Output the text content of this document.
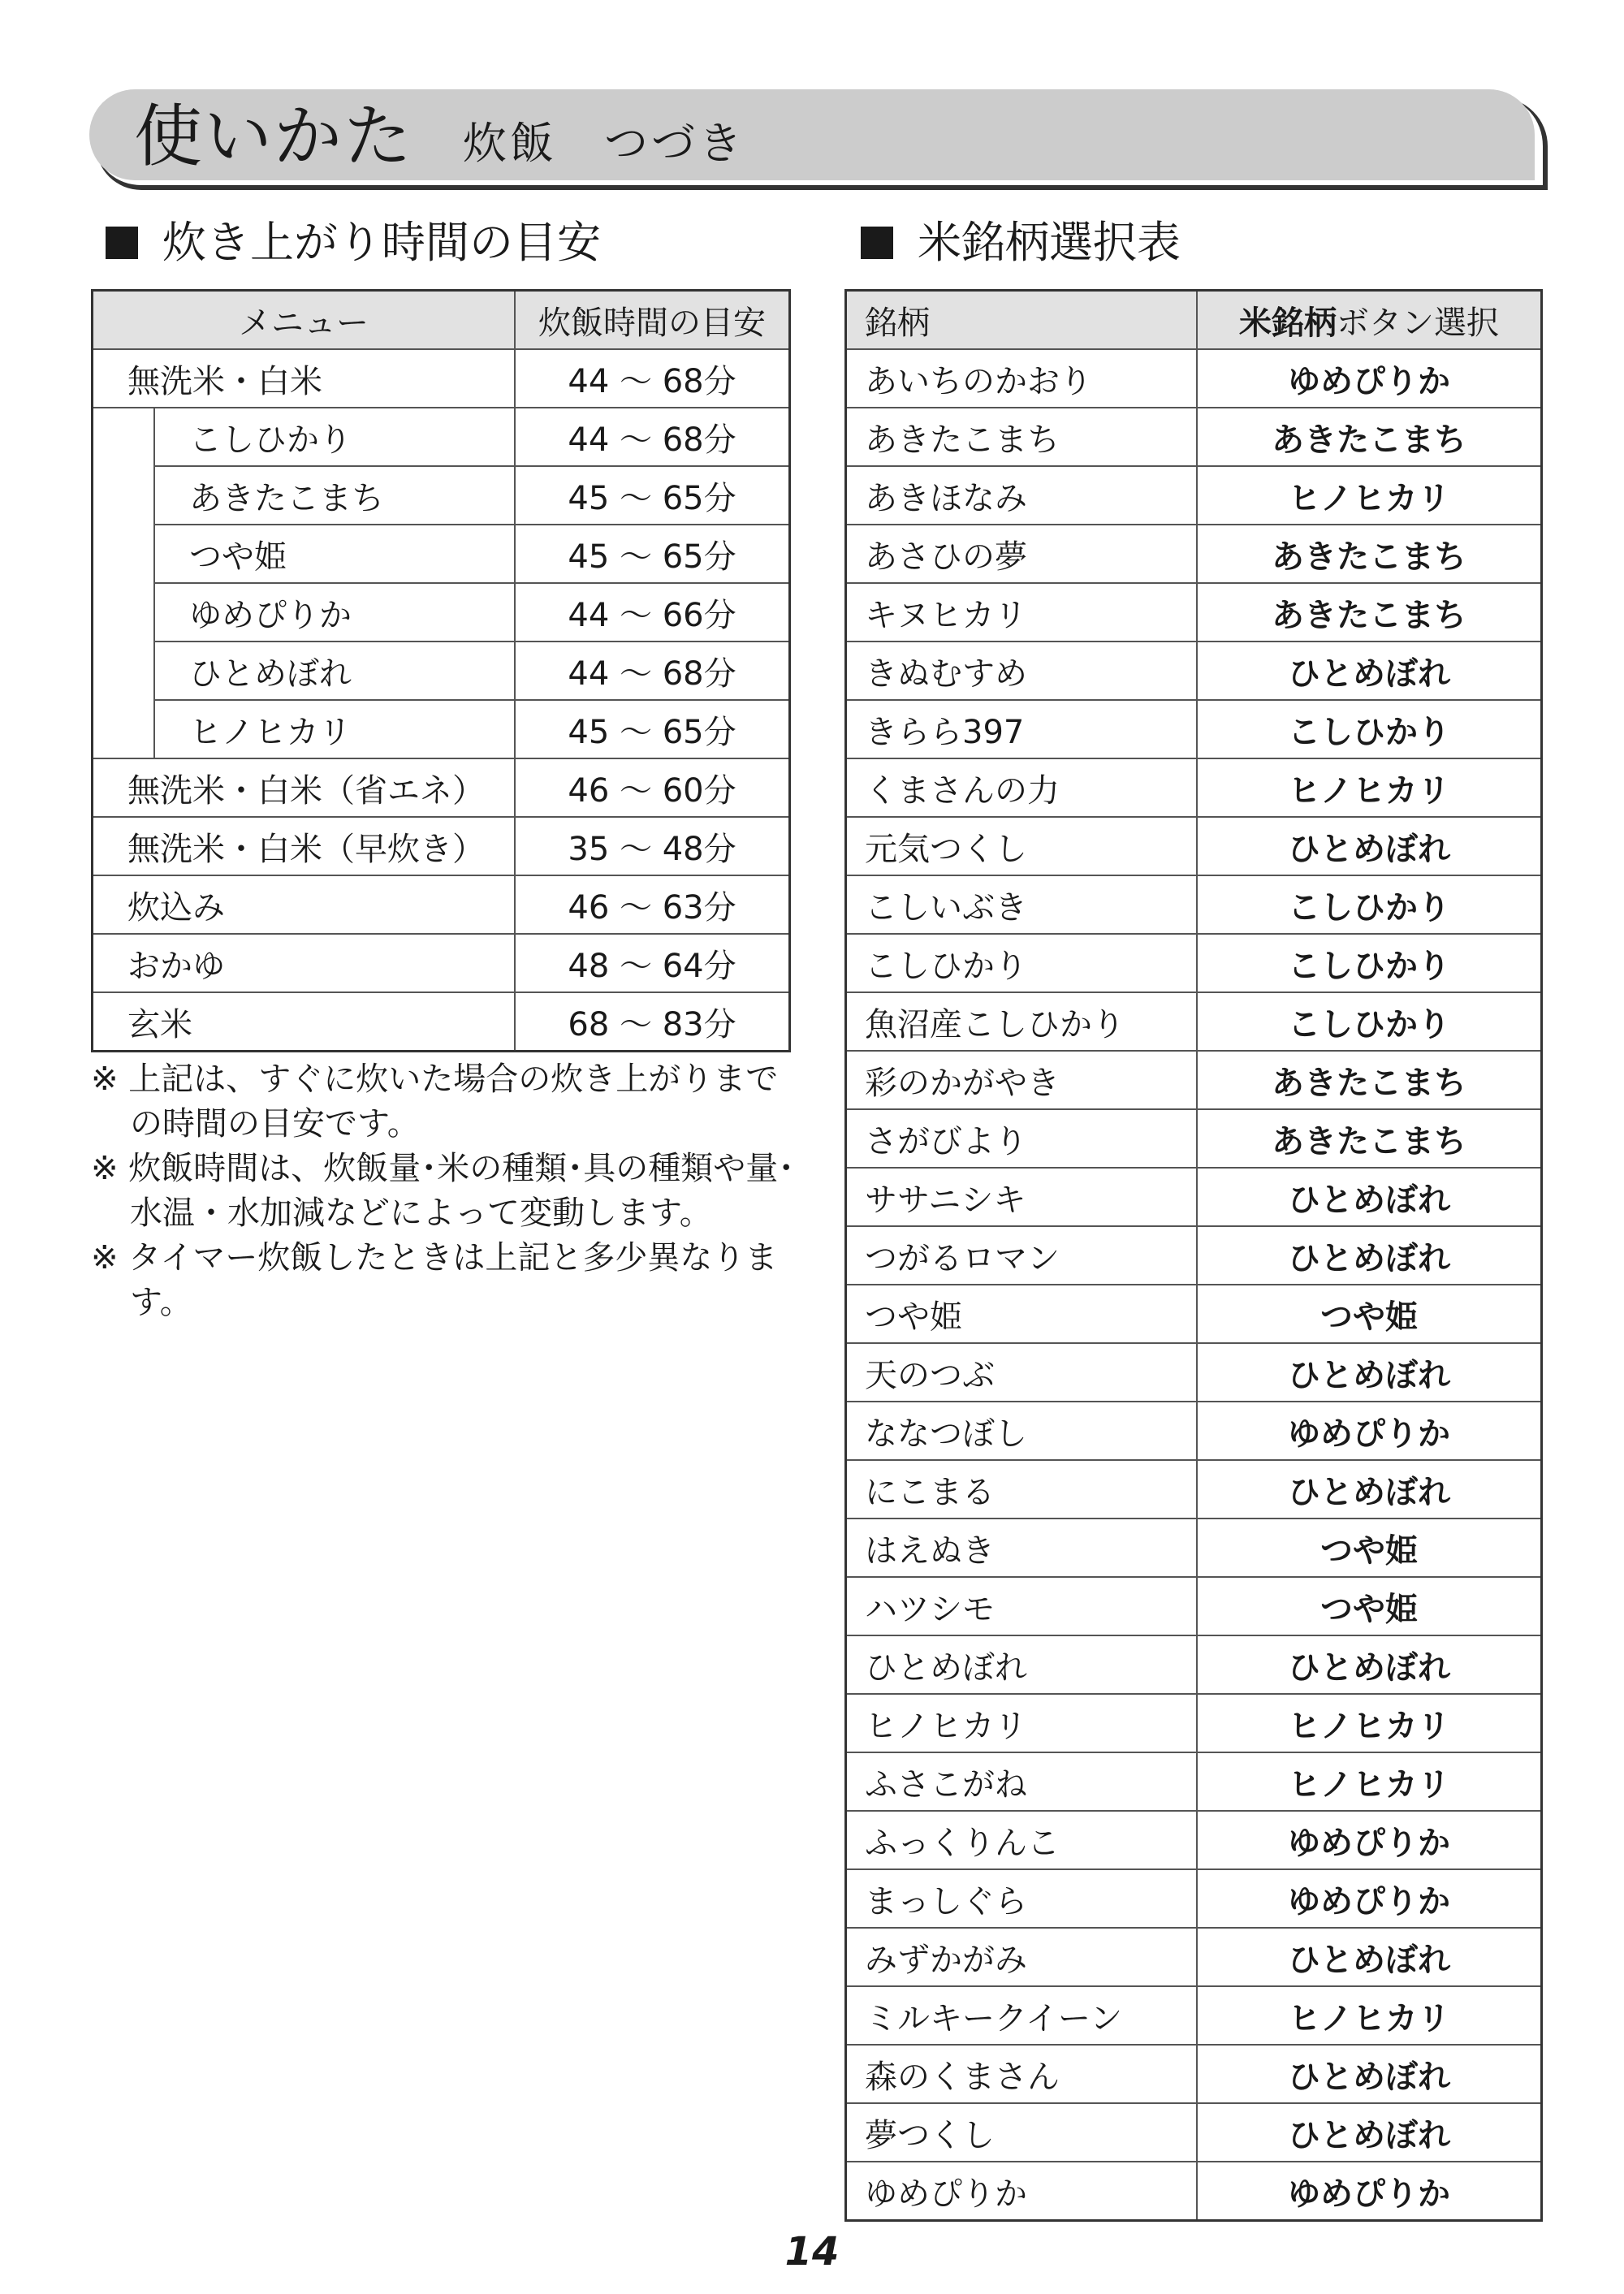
使いかた 炊飯　つづき
炊き上がり時間の目安	米銘柄選択表
メニュー		炊飯時間の目安
無洗米・白米		44 ～ 68分
	こしひかり	44 ～ 68分
	あきたこまち	45 ～ 65分
	つや姫	45 ～ 65分
	ゆめぴりか	44 ～ 66分
	ひとめぼれ	44 ～ 68分
	ヒノヒカリ	45 ～ 65分
無洗米・白米（省エネ）		46 ～ 60分
無洗米・白米（早炊き）		35 ～ 48分
炊込み		46 ～ 63分
おかゆ		48 ～ 64分
玄米		68 ～ 83分
※ 上記は、すぐに炊いた場合の炊き上がりまでの時間の目安です。
※ 炊飯時間は、炊飯量･米の種類･具の種類や量･水温・水加減などによって変動します。
※ タイマー炊飯したときは上記と多少異なります。
銘柄	米銘柄ボタン選択
あいちのかおり	ゆめぴりか
あきたこまち	あきたこまち
あきほなみ	ヒノヒカリ
あさひの夢	あきたこまち
キヌヒカリ	あきたこまち
きぬむすめ	ひとめぼれ
きらら397	こしひかり
くまさんの力	ヒノヒカリ
元気つくし	ひとめぼれ
こしいぶき	こしひかり
こしひかり	こしひかり
魚沼産こしひかり	こしひかり
彩のかがやき	あきたこまち
さがびより	あきたこまち
ササニシキ	ひとめぼれ
つがるロマン	ひとめぼれ
つや姫	つや姫
天のつぶ	ひとめぼれ
ななつぼし	ゆめぴりか
にこまる	ひとめぼれ
はえぬき	つや姫
ハツシモ	つや姫
ひとめぼれ	ひとめぼれ
ヒノヒカリ	ヒノヒカリ
ふさこがね	ヒノヒカリ
ふっくりんこ	ゆめぴりか
まっしぐら	ゆめぴりか
みずかがみ	ひとめぼれ
ミルキークイーン	ヒノヒカリ
森のくまさん	ひとめぼれ
夢つくし	ひとめぼれ
ゆめぴりか	ゆめぴりか
14
